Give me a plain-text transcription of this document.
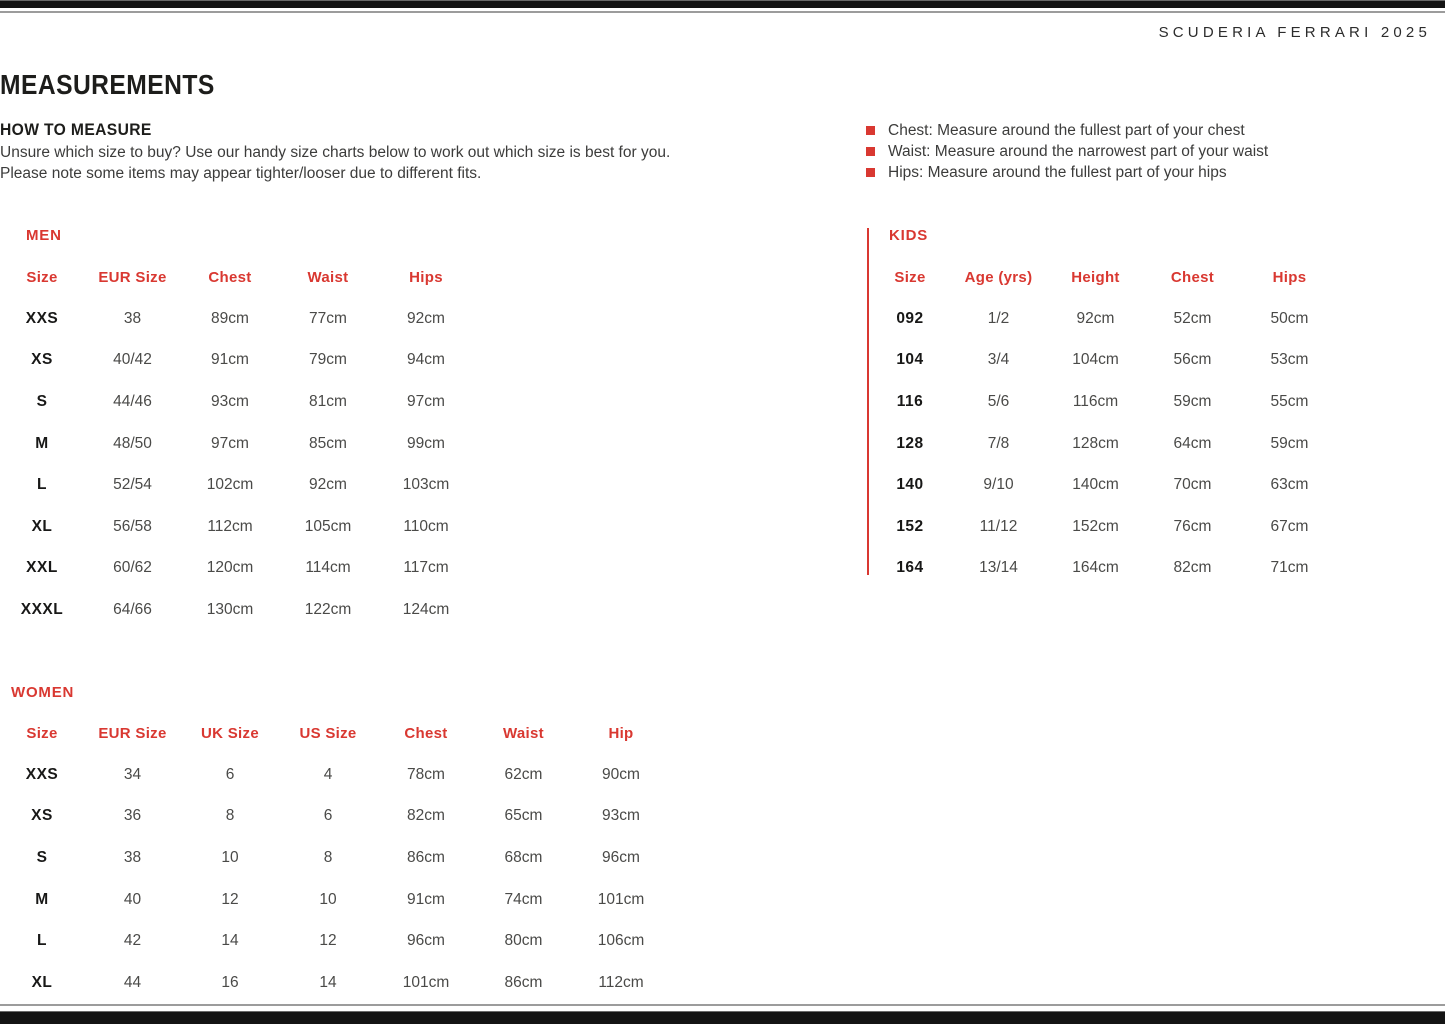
SCUDERIA FERRARI 2025
MEASUREMENTS
HOW TO MEASURE
Unsure which size to buy? Use our handy size charts below to work out which size is best for you.
Please note some items may appear tighter/looser due to different fits.
Chest: Measure around the fullest part of your chest
Waist: Measure around the narrowest part of your waist
Hips: Measure around the fullest part of your hips
MEN	KIDS
WOMEN
Size	EUR Size	Chest	Waist	Hips
XXS	38	89cm	77cm	92cm
XS	40/42	91cm	79cm	94cm
S	44/46	93cm	81cm	97cm
M	48/50	97cm	85cm	99cm
L	52/54	102cm	92cm	103cm
XL	56/58	112cm	105cm	110cm
XXL	60/62	120cm	114cm	117cm
XXXL	64/66	130cm	122cm	124cm
Size	Age (yrs)	Height	Chest	Hips
092	1/2	92cm	52cm	50cm
104	3/4	104cm	56cm	53cm
116	5/6	116cm	59cm	55cm
128	7/8	128cm	64cm	59cm
140	9/10	140cm	70cm	63cm
152	11/12	152cm	76cm	67cm
164	13/14	164cm	82cm	71cm
Size	EUR Size	UK Size	US Size	Chest	Waist	Hip
XXS	34	6	4	78cm	62cm	90cm
XS	36	8	6	82cm	65cm	93cm
S	38	10	8	86cm	68cm	96cm
M	40	12	10	91cm	74cm	101cm
L	42	14	12	96cm	80cm	106cm
XL	44	16	14	101cm	86cm	112cm
